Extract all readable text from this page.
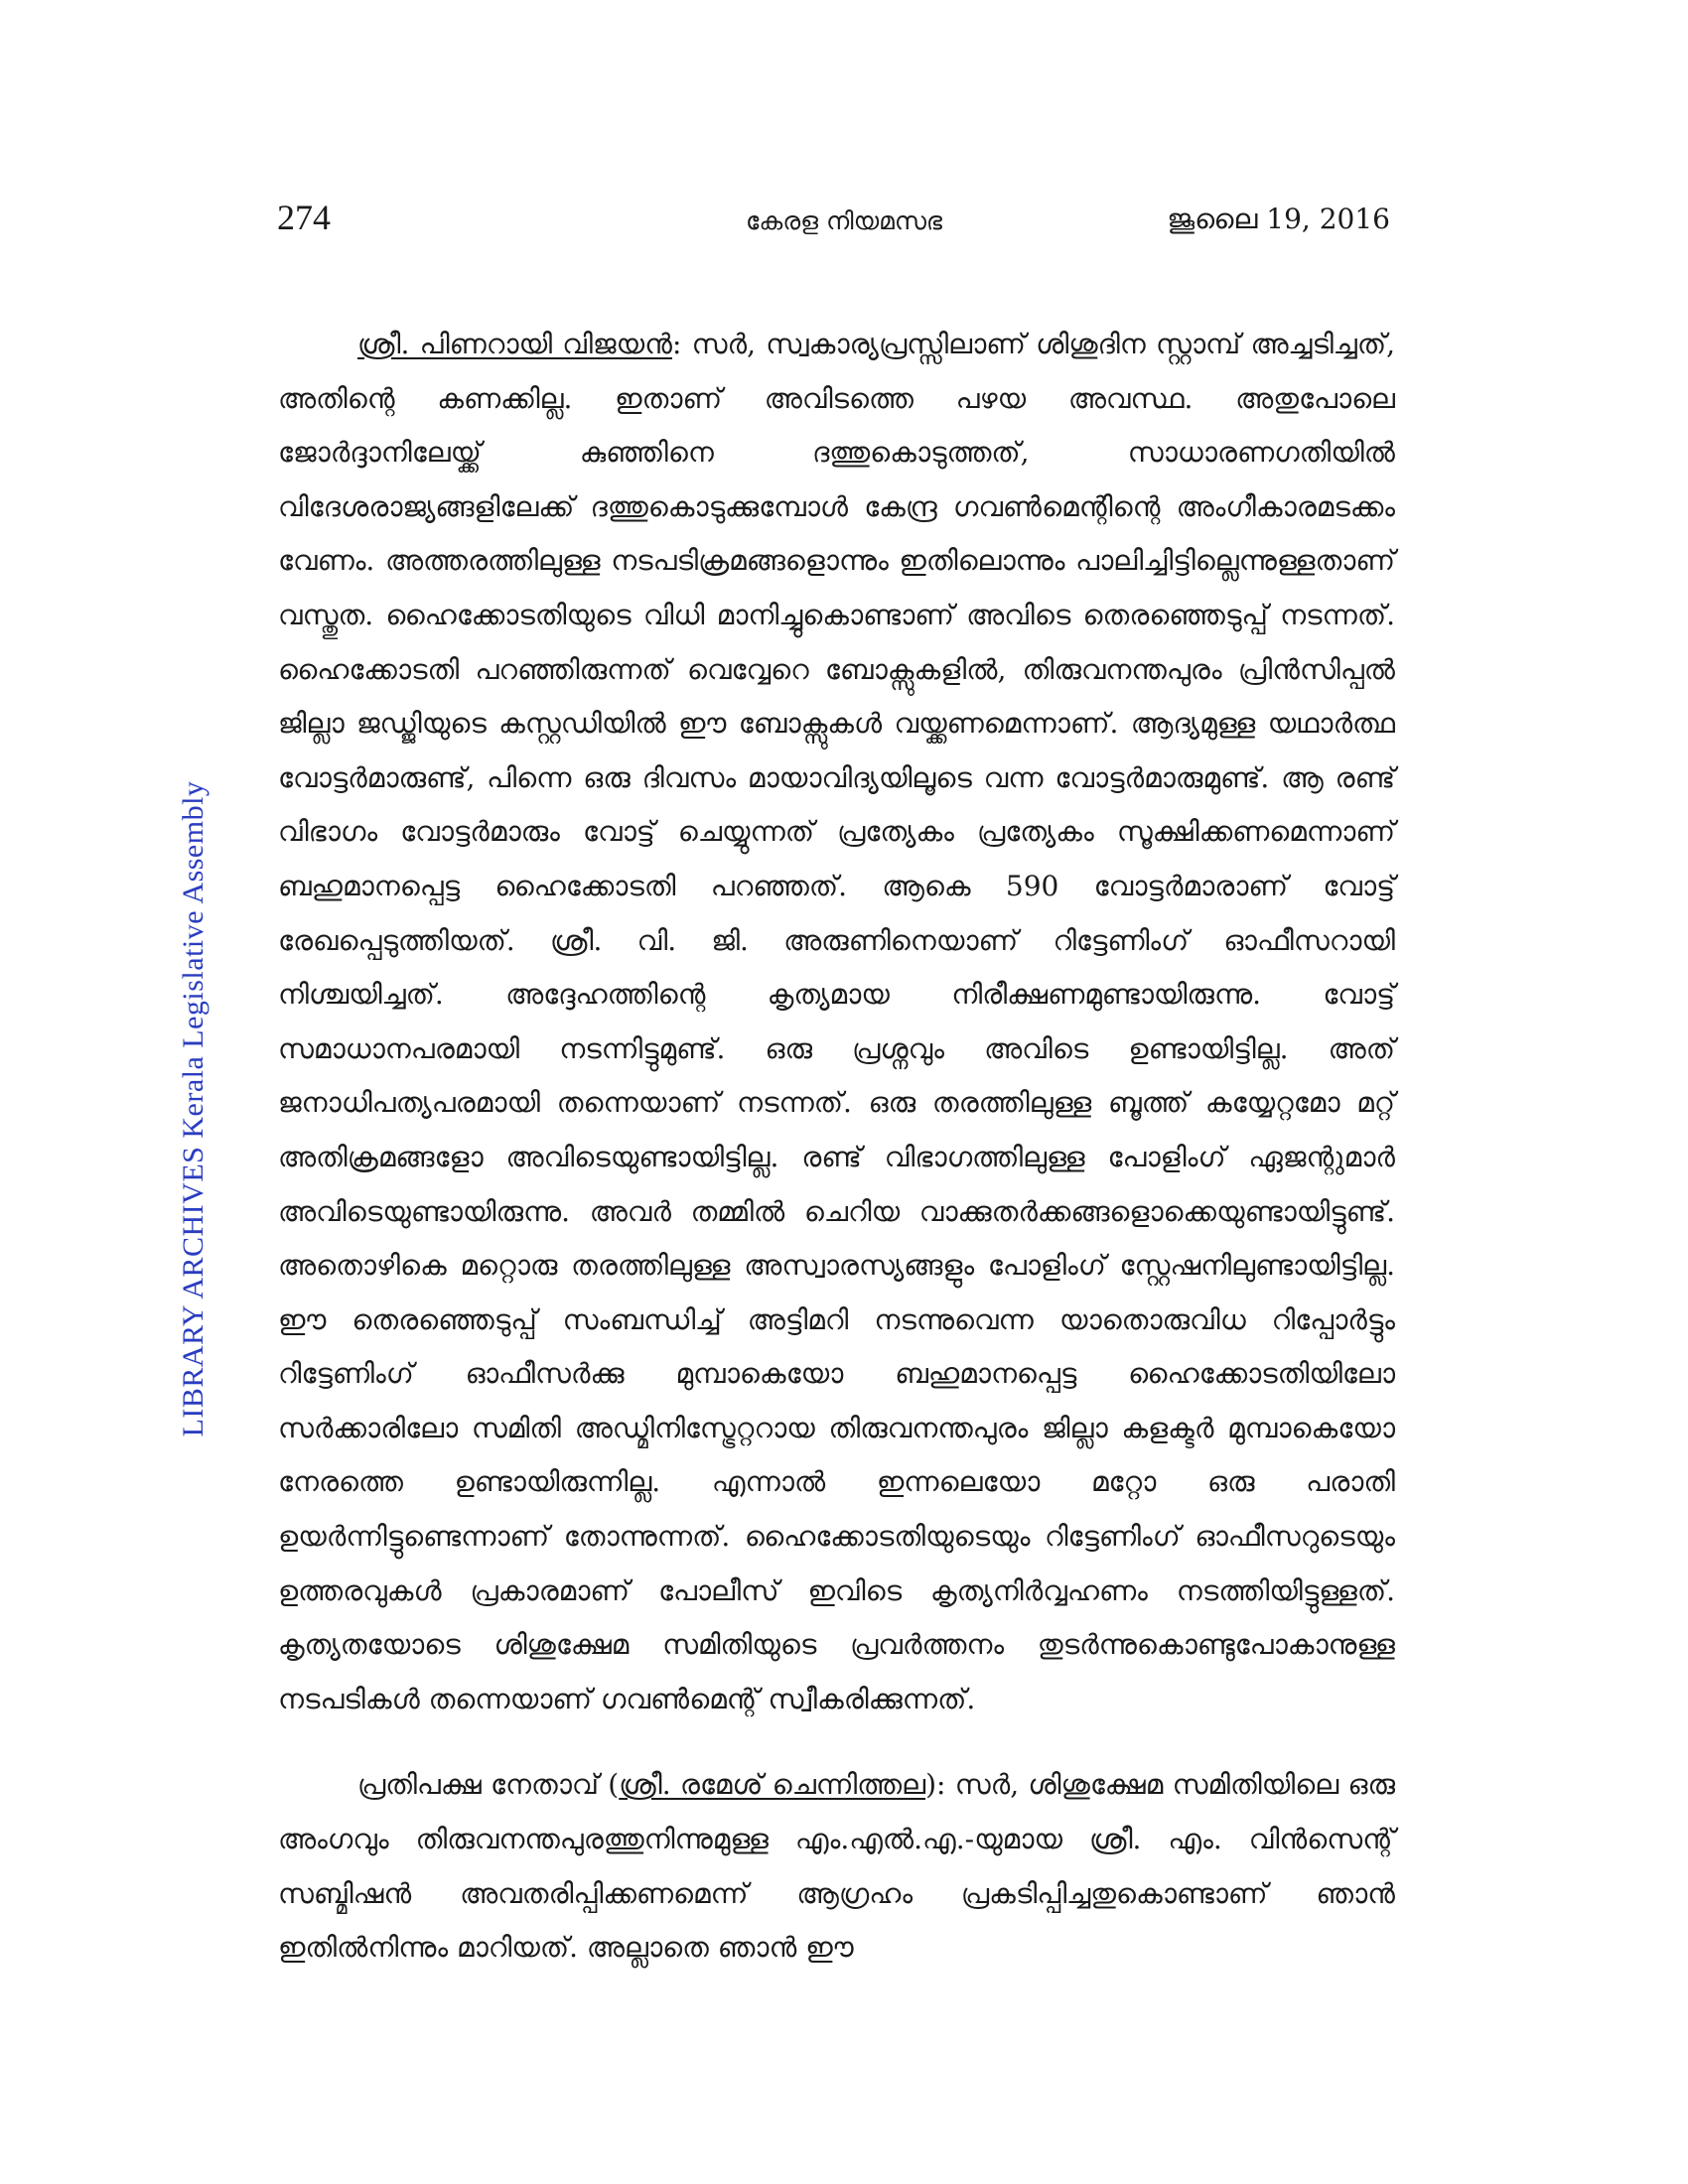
274	കേരള നിയമസഭ	ജൂലൈ 19, 2016
LIBRARY ARCHIVES Kerala Legislative Assembly

ശ്രീ. പിണറായി വിജയൻ: സർ, സ്വകാര്യപ്രസ്സിലാണ് ശിശുദിന സ്റ്റാമ്പ് അച്ചടിച്ചത്, അതിന്റെ കണക്കില്ല. ഇതാണ് അവിടത്തെ പഴയ അവസ്ഥ. അതുപോലെ ജോർദ്ദാനിലേയ്ക്ക് കുഞ്ഞിനെ ദത്തുകൊടുത്തത്, സാധാരണഗതിയിൽ വിദേശരാജ്യങ്ങളിലേക്ക് ദത്തുകൊടുക്കുമ്പോൾ കേന്ദ്ര ഗവൺമെന്റിന്റെ അംഗീകാരമടക്കം വേണം. അത്തരത്തിലുള്ള നടപടിക്രമങ്ങളൊന്നും ഇതിലൊന്നും പാലിച്ചിട്ടില്ലെന്നുള്ളതാണ് വസ്തുത. ഹൈക്കോടതിയുടെ വിധി മാനിച്ചുകൊണ്ടാണ് അവിടെ തെരഞ്ഞെടുപ്പ് നടന്നത്. ഹൈക്കോടതി പറഞ്ഞിരുന്നത് വെവ്വേറെ ബോക്സുകളിൽ, തിരുവനന്തപുരം പ്രിൻസിപ്പൽ ജില്ലാ ജഡ്ജിയുടെ കസ്റ്റഡിയിൽ ഈ ബോക്സുകൾ വയ്ക്കണമെന്നാണ്. ആദ്യമുള്ള യഥാർത്ഥ വോട്ടർമാരുണ്ട്, പിന്നെ ഒരു ദിവസം മായാവിദ്യയിലൂടെ വന്ന വോട്ടർമാരുമുണ്ട്. ആ രണ്ട് വിഭാഗം വോട്ടർമാരും വോട്ട് ചെയ്യുന്നത് പ്രത്യേകം പ്രത്യേകം സൂക്ഷിക്കണമെന്നാണ് ബഹുമാനപ്പെട്ട ഹൈക്കോടതി പറഞ്ഞത്. ആകെ 590 വോട്ടർമാരാണ് വോട്ട് രേഖപ്പെടുത്തിയത്. ശ്രീ. വി. ജി. അരുണിനെയാണ് റിട്ടേണിംഗ് ഓഫീസറായി നിശ്ചയിച്ചത്. അദ്ദേഹത്തിന്റെ കൃത്യമായ നിരീക്ഷണമുണ്ടായിരുന്നു. വോട്ട് സമാധാനപരമായി നടന്നിട്ടുമുണ്ട്. ഒരു പ്രശ്നവും അവിടെ ഉണ്ടായിട്ടില്ല. അത് ജനാധിപത്യപരമായി തന്നെയാണ് നടന്നത്. ഒരു തരത്തിലുള്ള ബൂത്ത് കയ്യേറ്റമോ മറ്റ് അതിക്രമങ്ങളോ അവിടെയുണ്ടായിട്ടില്ല. രണ്ട് വിഭാഗത്തിലുള്ള പോളിംഗ് ഏജന്റുമാർ അവിടെയുണ്ടായിരുന്നു. അവർ തമ്മിൽ ചെറിയ വാക്കുതർക്കങ്ങളൊക്കെയുണ്ടായിട്ടുണ്ട്. അതൊഴികെ മറ്റൊരു തരത്തിലുള്ള അസ്വാരസ്യങ്ങളും പോളിംഗ് സ്റ്റേഷനിലുണ്ടായിട്ടില്ല. ഈ തെരഞ്ഞെടുപ്പ് സംബന്ധിച്ച് അട്ടിമറി നടന്നുവെന്ന യാതൊരുവിധ റിപ്പോർട്ടും റിട്ടേണിംഗ് ഓഫീസർക്കു മുമ്പാകെയോ ബഹുമാനപ്പെട്ട ഹൈക്കോടതിയിലോ സർക്കാരിലോ സമിതി അഡ്മിനിസ്ട്രേറ്ററായ തിരുവനന്തപുരം ജില്ലാ കളക്ടർ മുമ്പാകെയോ നേരത്തെ ഉണ്ടായിരുന്നില്ല. എന്നാൽ ഇന്നലെയോ മറ്റോ ഒരു പരാതി ഉയർന്നിട്ടുണ്ടെന്നാണ് തോന്നുന്നത്. ഹൈക്കോടതിയുടെയും റിട്ടേണിംഗ് ഓഫീസറുടെയും ഉത്തരവുകൾ പ്രകാരമാണ് പോലീസ് ഇവിടെ കൃത്യനിർവ്വഹണം നടത്തിയിട്ടുള്ളത്. കൃത്യതയോടെ ശിശുക്ഷേമ സമിതിയുടെ പ്രവർത്തനം തുടർന്നുകൊണ്ടുപോകാനുള്ള നടപടികൾ തന്നെയാണ് ഗവൺമെന്റ് സ്വീകരിക്കുന്നത്.

പ്രതിപക്ഷ നേതാവ് (ശ്രീ. രമേശ് ചെന്നിത്തല): സർ, ശിശുക്ഷേമ സമിതിയിലെ ഒരു അംഗവും തിരുവനന്തപുരത്തുനിന്നുമുള്ള എം.എൽ.എ.-യുമായ ശ്രീ. എം. വിൻസെന്റ് സബ്മിഷൻ അവതരിപ്പിക്കണമെന്ന് ആഗ്രഹം പ്രകടിപ്പിച്ചതുകൊണ്ടാണ് ഞാൻ ഇതിൽനിന്നും മാറിയത്. അല്ലാതെ ഞാൻ ഈ
